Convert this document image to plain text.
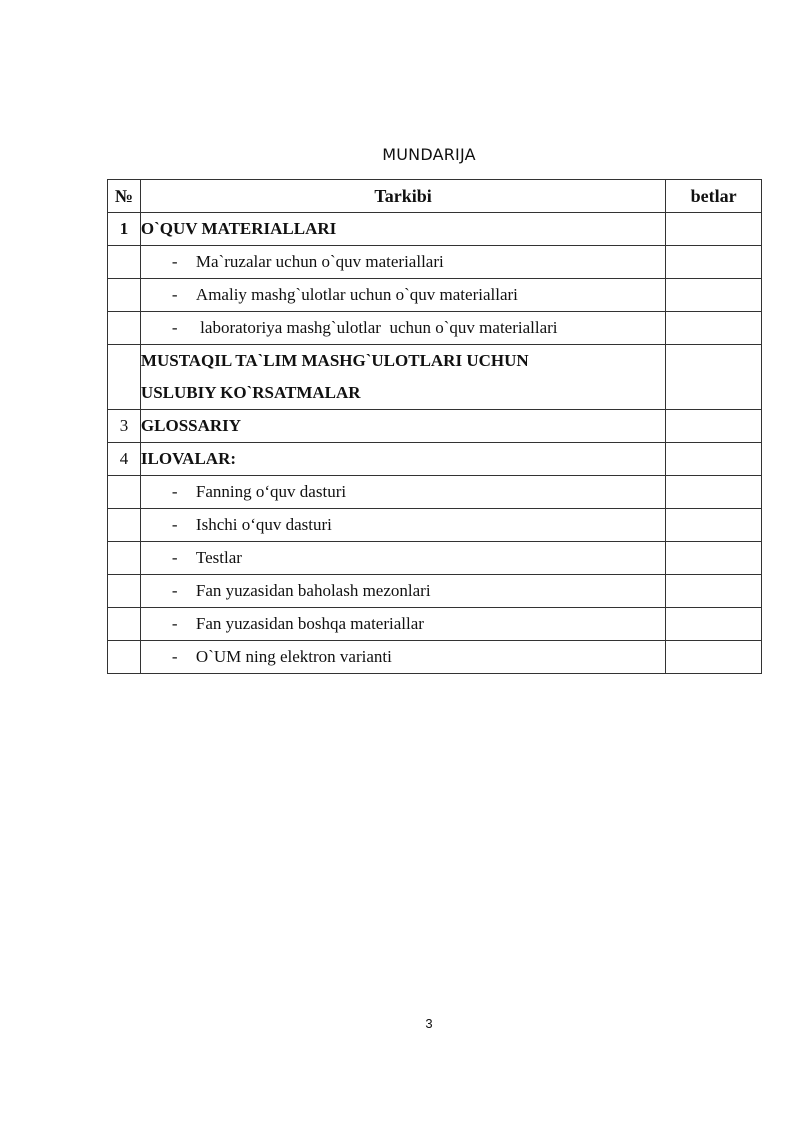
MUNDARIJA
№	Tarkibi	betlar
1	O`QUV MATERIALLARI	
	- Ma`ruzalar uchun o`quv materiallari	
	- Amaliy mashg`ulotlar uchun o`quv materiallari	
	- laboratoriya mashg`ulotlar  uchun o`quv materiallari	
	MUSTAQIL TA`LIM MASHG`ULOTLARI UCHUN USLUBIY KO`RSATMALAR	
3	GLOSSARIY	
4	ILOVALAR:	
	- Fanning o‘quv dasturi	
	- Ishchi o‘quv dasturi	
	- Testlar	
	- Fan yuzasidan baholash mezonlari	
	- Fan yuzasidan boshqa materiallar	
	- O`UM ning elektron varianti	
3
